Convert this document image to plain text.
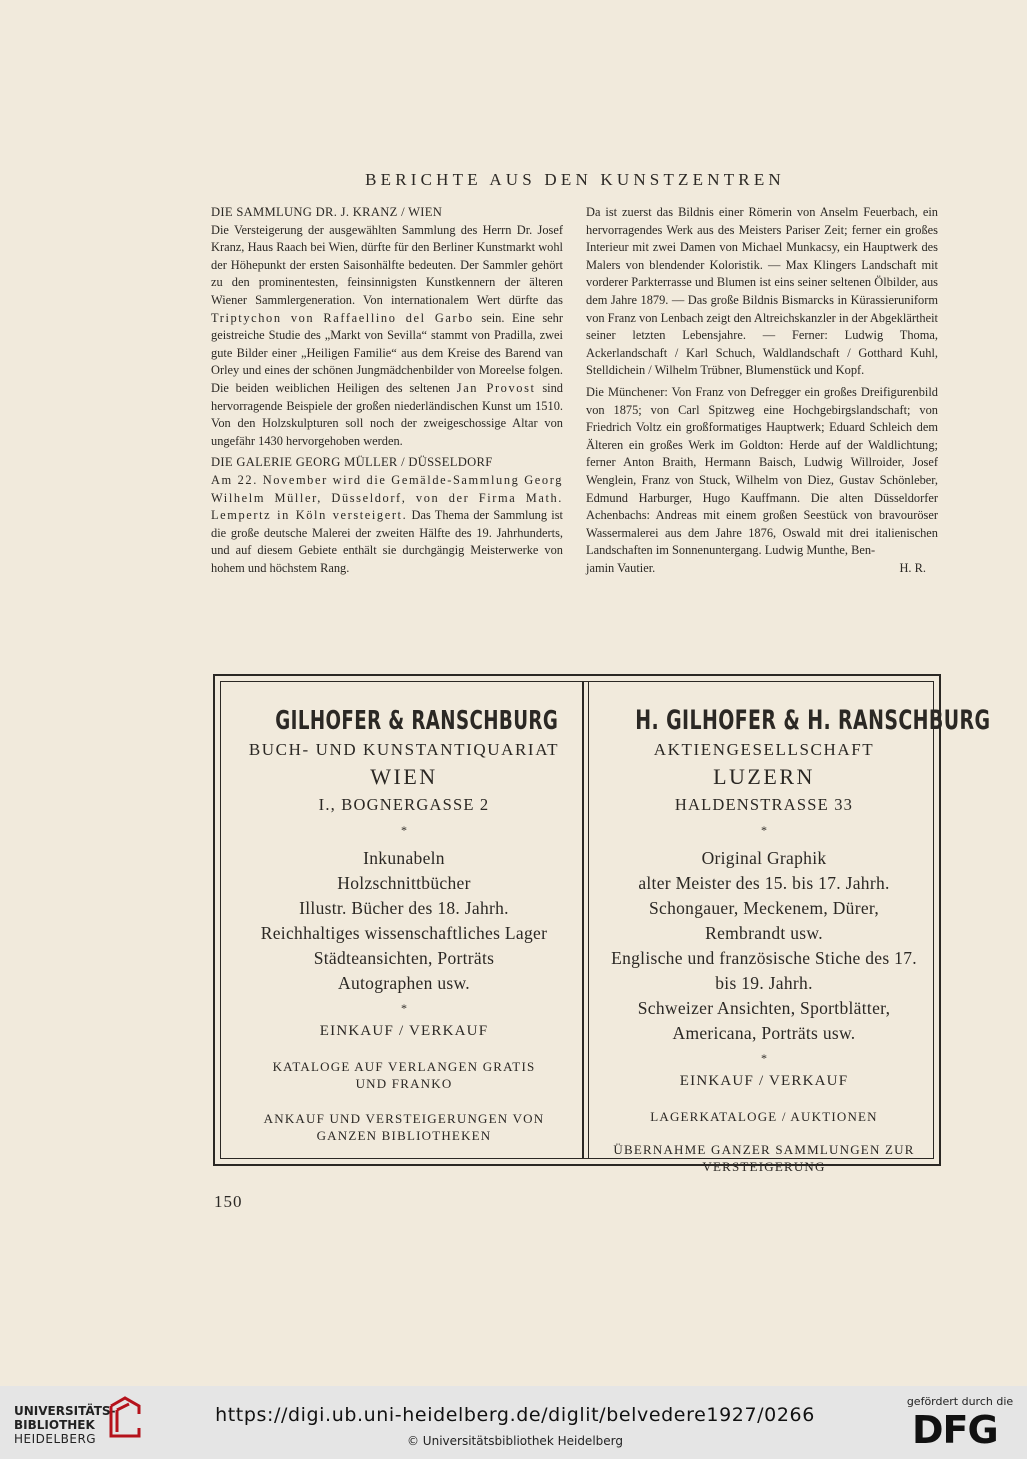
BERICHTE AUS DEN KUNSTZENTREN
DIE SAMMLUNG DR. J. KRANZ / WIEN

Die Versteigerung der ausgewählten Sammlung des Herrn Dr. Josef Kranz, Haus Raach bei Wien, dürfte für den Berliner Kunstmarkt wohl der Höhepunkt der ersten Saisonhälfte bedeuten. Der Sammler gehört zu den prominentesten, feinsinnigsten Kunstkennern der älteren Wiener Sammlergeneration. Von internationalem Wert dürfte das Triptychon von Raffaellino del Garbo sein. Eine sehr geistreiche Studie des „Markt von Sevilla“ stammt von Pradilla, zwei gute Bilder einer „Heiligen Familie“ aus dem Kreise des Barend van Orley und eines der schönen Jungmädchenbilder von Moreelse folgen. Die beiden weiblichen Heiligen des seltenen Jan Provost sind hervorragende Beispiele der großen niederländischen Kunst um 1510. Von den Holzskulpturen soll noch der zweigeschossige Altar von ungefähr 1430 hervorgehoben werden.

DIE GALERIE GEORG MÜLLER / DÜSSELDORF

Am 22. November wird die Gemälde-Sammlung Georg Wilhelm Müller, Düsseldorf, von der Firma Math. Lempertz in Köln versteigert. Das Thema der Sammlung ist die große deutsche Malerei der zweiten Hälfte des 19. Jahrhunderts, und auf diesem Gebiete enthält sie durchgängig Meisterwerke von hohem und höchstem Rang.

Da ist zuerst das Bildnis einer Römerin von Anselm Feuerbach, ein hervorragendes Werk aus des Meisters Pariser Zeit; ferner ein großes Interieur mit zwei Damen von Michael Munkacsy, ein Hauptwerk des Malers von blendender Koloristik. — Max Klingers Landschaft mit vorderer Parkterrasse und Blumen ist eins seiner seltenen Ölbilder, aus dem Jahre 1879. — Das große Bildnis Bismarcks in Kürassieruniform von Franz von Lenbach zeigt den Altreichskanzler in der Abgeklärtheit seiner letzten Lebensjahre. — Ferner: Ludwig Thoma, Ackerlandschaft / Karl Schuch, Waldlandschaft / Gotthard Kuhl, Stelldichein / Wilhelm Trübner, Blumenstück und Kopf.

Die Münchener: Von Franz von Defregger ein großes Dreifigurenbild von 1875; von Carl Spitzweg eine Hochgebirgslandschaft; von Friedrich Voltz ein großformatiges Hauptwerk; Eduard Schleich dem Älteren ein großes Werk im Goldton: Herde auf der Waldlichtung; ferner Anton Braith, Hermann Baisch, Ludwig Willroider, Josef Wenglein, Franz von Stuck, Wilhelm von Diez, Gustav Schönleber, Edmund Harburger, Hugo Kauffmann. Die alten Düsseldorfer Achenbachs: Andreas mit einem großen Seestück von bravouröser Wassermalerei aus dem Jahre 1876, Oswald mit drei italienischen Landschaften im Sonnenuntergang. Ludwig Munthe, Ben-

jamin Vautier.	H. R.
GILHOFER & RANSCHBURG
BUCH- UND KUNSTANTIQUARIAT
WIEN
I., BOGNERGASSE 2
*
Inkunabeln
Holzschnittbücher
Illustr. Bücher des 18. Jahrh.
Reichhaltiges wissenschaftliches Lager
Städteansichten, Porträts
Autographen usw.
*
EINKAUF / VERKAUF
KATALOGE AUF VERLANGEN GRATIS UND FRANKO
ANKAUF UND VERSTEIGERUNGEN VON GANZEN BIBLIOTHEKEN
H. GILHOFER & H. RANSCHBURG
AKTIENGESELLSCHAFT
LUZERN
HALDENSTRASSE 33
*
Original Graphik
alter Meister des 15. bis 17. Jahrh.
Schongauer, Meckenem, Dürer, Rembrandt usw.
Englische und französische Stiche des 17. bis 19. Jahrh.
Schweizer Ansichten, Sportblätter, Americana, Porträts usw.
*
EINKAUF / VERKAUF
LAGERKATALOGE / AUKTIONEN
ÜBERNAHME GANZER SAMMLUNGEN ZUR VERSTEIGERUNG
150
UNIVERSITÄTS-
BIBLIOTHEK
HEIDELBERG
https://digi.ub.uni-heidelberg.de/diglit/belvedere1927/0266
© Universitätsbibliothek Heidelberg
gefördert durch die
DFG
